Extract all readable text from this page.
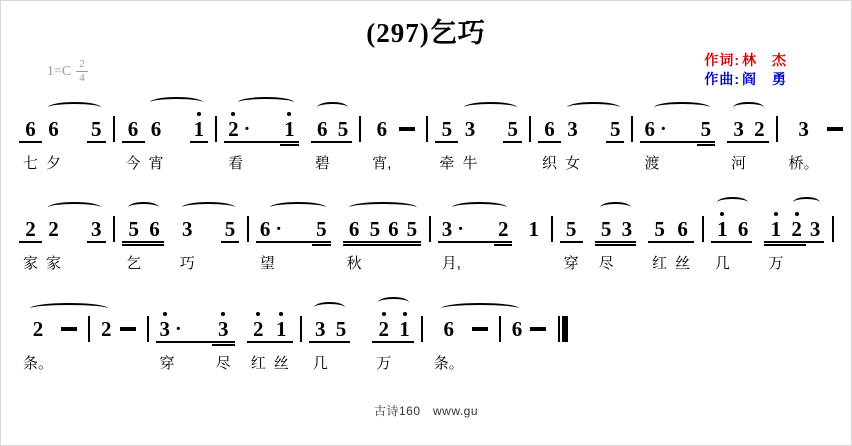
(297)乞巧
$1=C \frac{2}{4}$	作词: 林　杰
作曲: 阎　勇
6
七
6
夕
5 6
今
6
宵
1 2 ·
看
1 6
碧
5 6
宵,
5
牵
3
牛
5 6
织
3
女
5 6 ·
渡
5 3
河
2 3
桥。
2
家
2
家
3 5
乞
6 3
巧
5 6 ·
望
5 6
秋
5 6 5 3 ·
月,
2 1 5
穿
5
尽
3 5
红
6
丝
1
几
6 1
万
2 3
2
条。
2 3 ·
穿
3
尽
2
红
1
丝
3
几
5 2
万
1 6
条。
6
古诗160　www.gu
